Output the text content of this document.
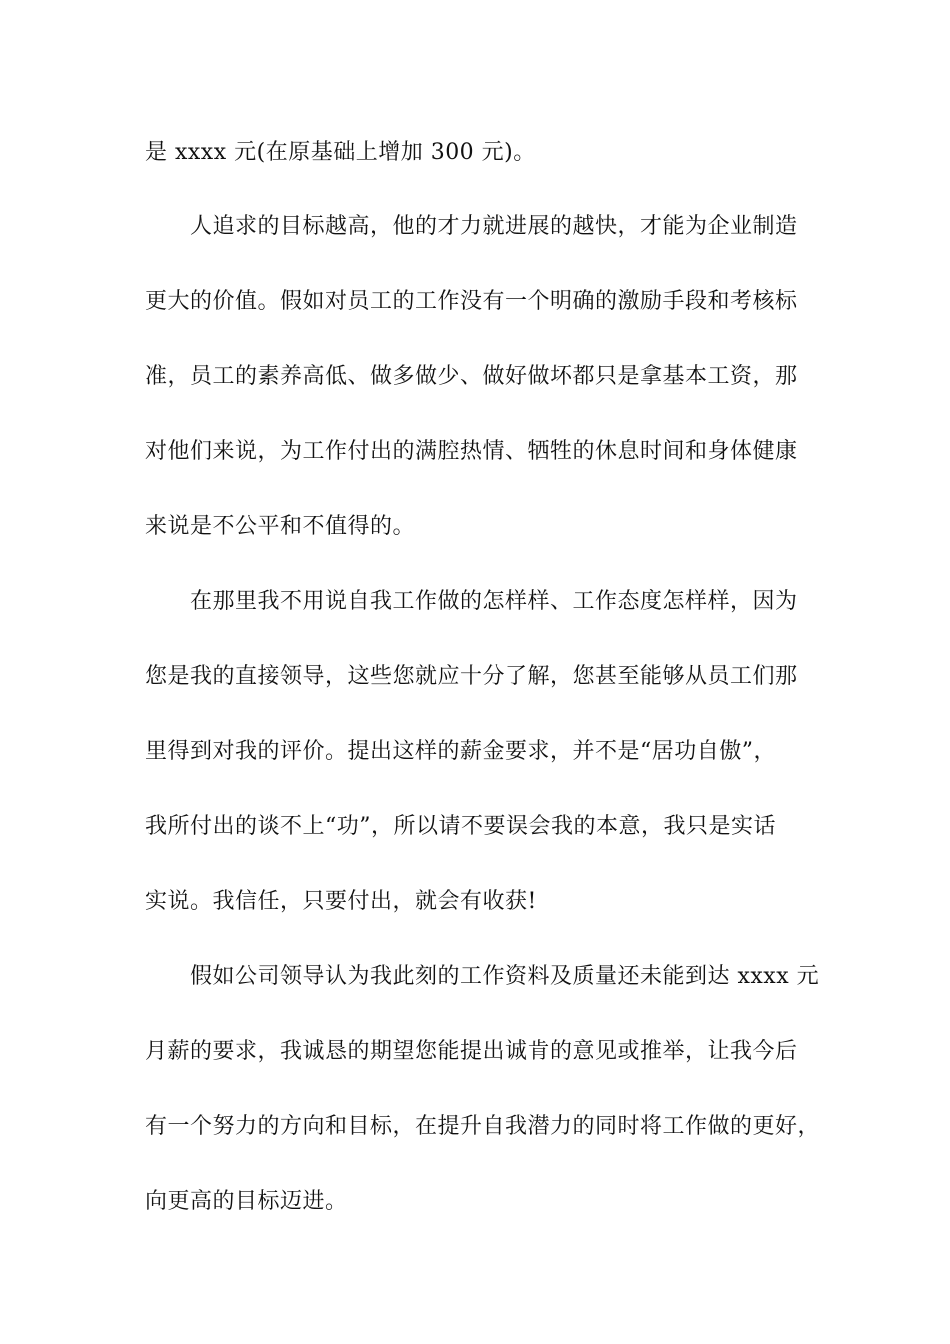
是 xxxx 元(在原基础上增加 300 元)。
人追求的目标越高，他的才力就进展的越快，才能为企业制造
更大的价值。假如对员工的工作没有一个明确的激励手段和考核标
准，员工的素养高低、做多做少、做好做坏都只是拿基本工资，那
对他们来说，为工作付出的满腔热情、牺牲的休息时间和身体健康
来说是不公平和不值得的。
在那里我不用说自我工作做的怎样样、工作态度怎样样，因为
您是我的直接领导，这些您就应十分了解，您甚至能够从员工们那
里得到对我的评价。提出这样的薪金要求，并不是“居功自傲”，
我所付出的谈不上“功”，所以请不要误会我的本意，我只是实话
实说。我信任，只要付出，就会有收获!
假如公司领导认为我此刻的工作资料及质量还未能到达 xxxx 元
月薪的要求，我诚恳的期望您能提出诚肯的意见或推举，让我今后
有一个努力的方向和目标，在提升自我潜力的同时将工作做的更好，
向更高的目标迈进。
